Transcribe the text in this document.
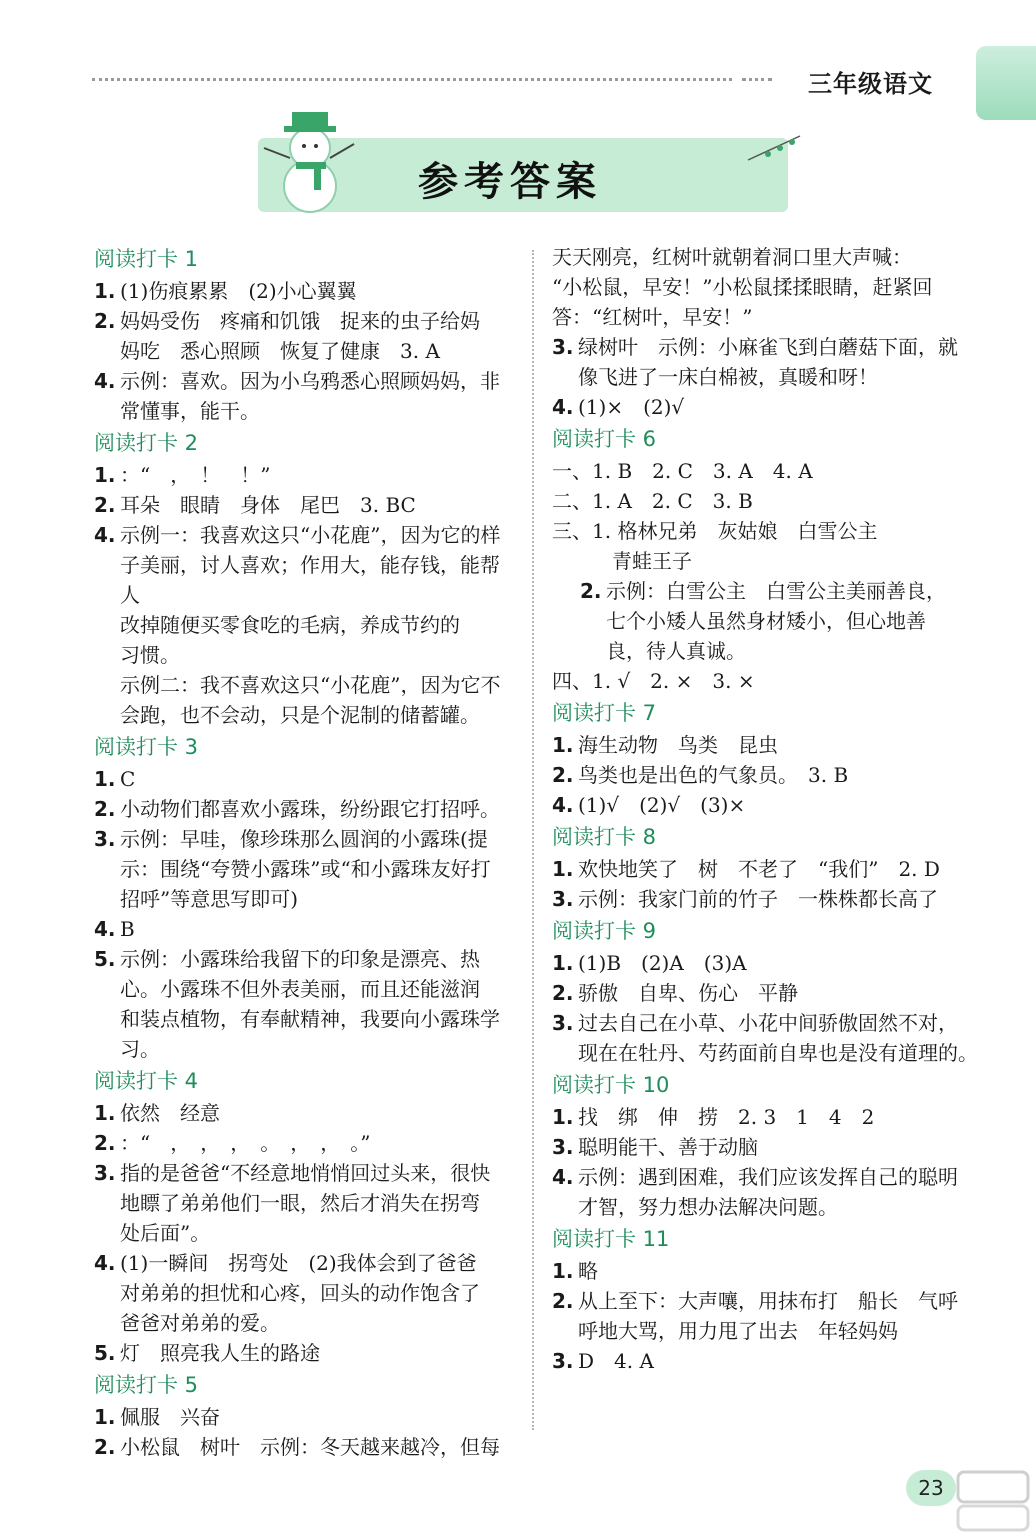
三年级语文
参考答案
阅读打卡 1
1. (1)伤痕累累　(2)小心翼翼
2. 妈妈受伤　疼痛和饥饿　捉来的虫子给妈
妈吃　悉心照顾　恢复了健康　3. A
4. 示例：喜欢。因为小乌鸦悉心照顾妈妈，非
常懂事，能干。
阅读打卡 2
1. ：“　，　！　！”
2. 耳朵　眼睛　身体　尾巴　3. BC
4. 示例一：我喜欢这只“小花鹿”，因为它的样
子美丽，讨人喜欢；作用大，能存钱，能帮人
改掉随便买零食吃的毛病，养成节约的
习惯。
示例二：我不喜欢这只“小花鹿”，因为它不
会跑，也不会动，只是个泥制的储蓄罐。
阅读打卡 3
1. C
2. 小动物们都喜欢小露珠，纷纷跟它打招呼。
3. 示例：早哇，像珍珠那么圆润的小露珠(提
示：围绕“夸赞小露珠”或“和小露珠友好打
招呼”等意思写即可)
4. B
5. 示例：小露珠给我留下的印象是漂亮、热
心。小露珠不但外表美丽，而且还能滋润
和装点植物，有奉献精神，我要向小露珠学习。
阅读打卡 4
1. 依然　经意
2. ：“　，　，　，　。　，　，　。”
3. 指的是爸爸“不经意地悄悄回过头来，很快
地瞟了弟弟他们一眼，然后才消失在拐弯
处后面”。
4. (1)一瞬间　拐弯处　(2)我体会到了爸爸
对弟弟的担忧和心疼，回头的动作饱含了
爸爸对弟弟的爱。
5. 灯　照亮我人生的路途
阅读打卡 5
1. 佩服　兴奋
2. 小松鼠　树叶　示例：冬天越来越冷，但每
天天刚亮，红树叶就朝着洞口里大声喊：
“小松鼠，早安！”小松鼠揉揉眼睛，赶紧回
答：“红树叶，早安！”
3. 绿树叶　示例：小麻雀飞到白蘑菇下面，就
像飞进了一床白棉被，真暖和呀！
4. (1)×　(2)√
阅读打卡 6
一、1. B　2. C　3. A　4. A
二、1. A　2. C　3. B
三、1. 格林兄弟　灰姑娘　白雪公主
　　　青蛙王子
2. 示例：白雪公主　白雪公主美丽善良，
七个小矮人虽然身材矮小，但心地善
良，待人真诚。
四、1. √　2. ×　3. ×
阅读打卡 7
1. 海生动物　鸟类　昆虫
2. 鸟类也是出色的气象员。　3. B
4. (1)√　(2)√　(3)×
阅读打卡 8
1. 欢快地笑了　树　不老了　“我们”　2. D
3. 示例：我家门前的竹子　一株株都长高了
阅读打卡 9
1. (1)B　(2)A　(3)A
2. 骄傲　自卑、伤心　平静
3. 过去自己在小草、小花中间骄傲固然不对，
现在在牡丹、芍药面前自卑也是没有道理的。
阅读打卡 10
1. 找　绑　伸　捞　2. 3　1　4　2
3. 聪明能干、善于动脑
4. 示例：遇到困难，我们应该发挥自己的聪明
才智，努力想办法解决问题。
阅读打卡 11
1. 略
2. 从上至下：大声嚷，用抹布打　船长　气呼
呼地大骂，用力甩了出去　年轻妈妈
3. D　4. A
23
